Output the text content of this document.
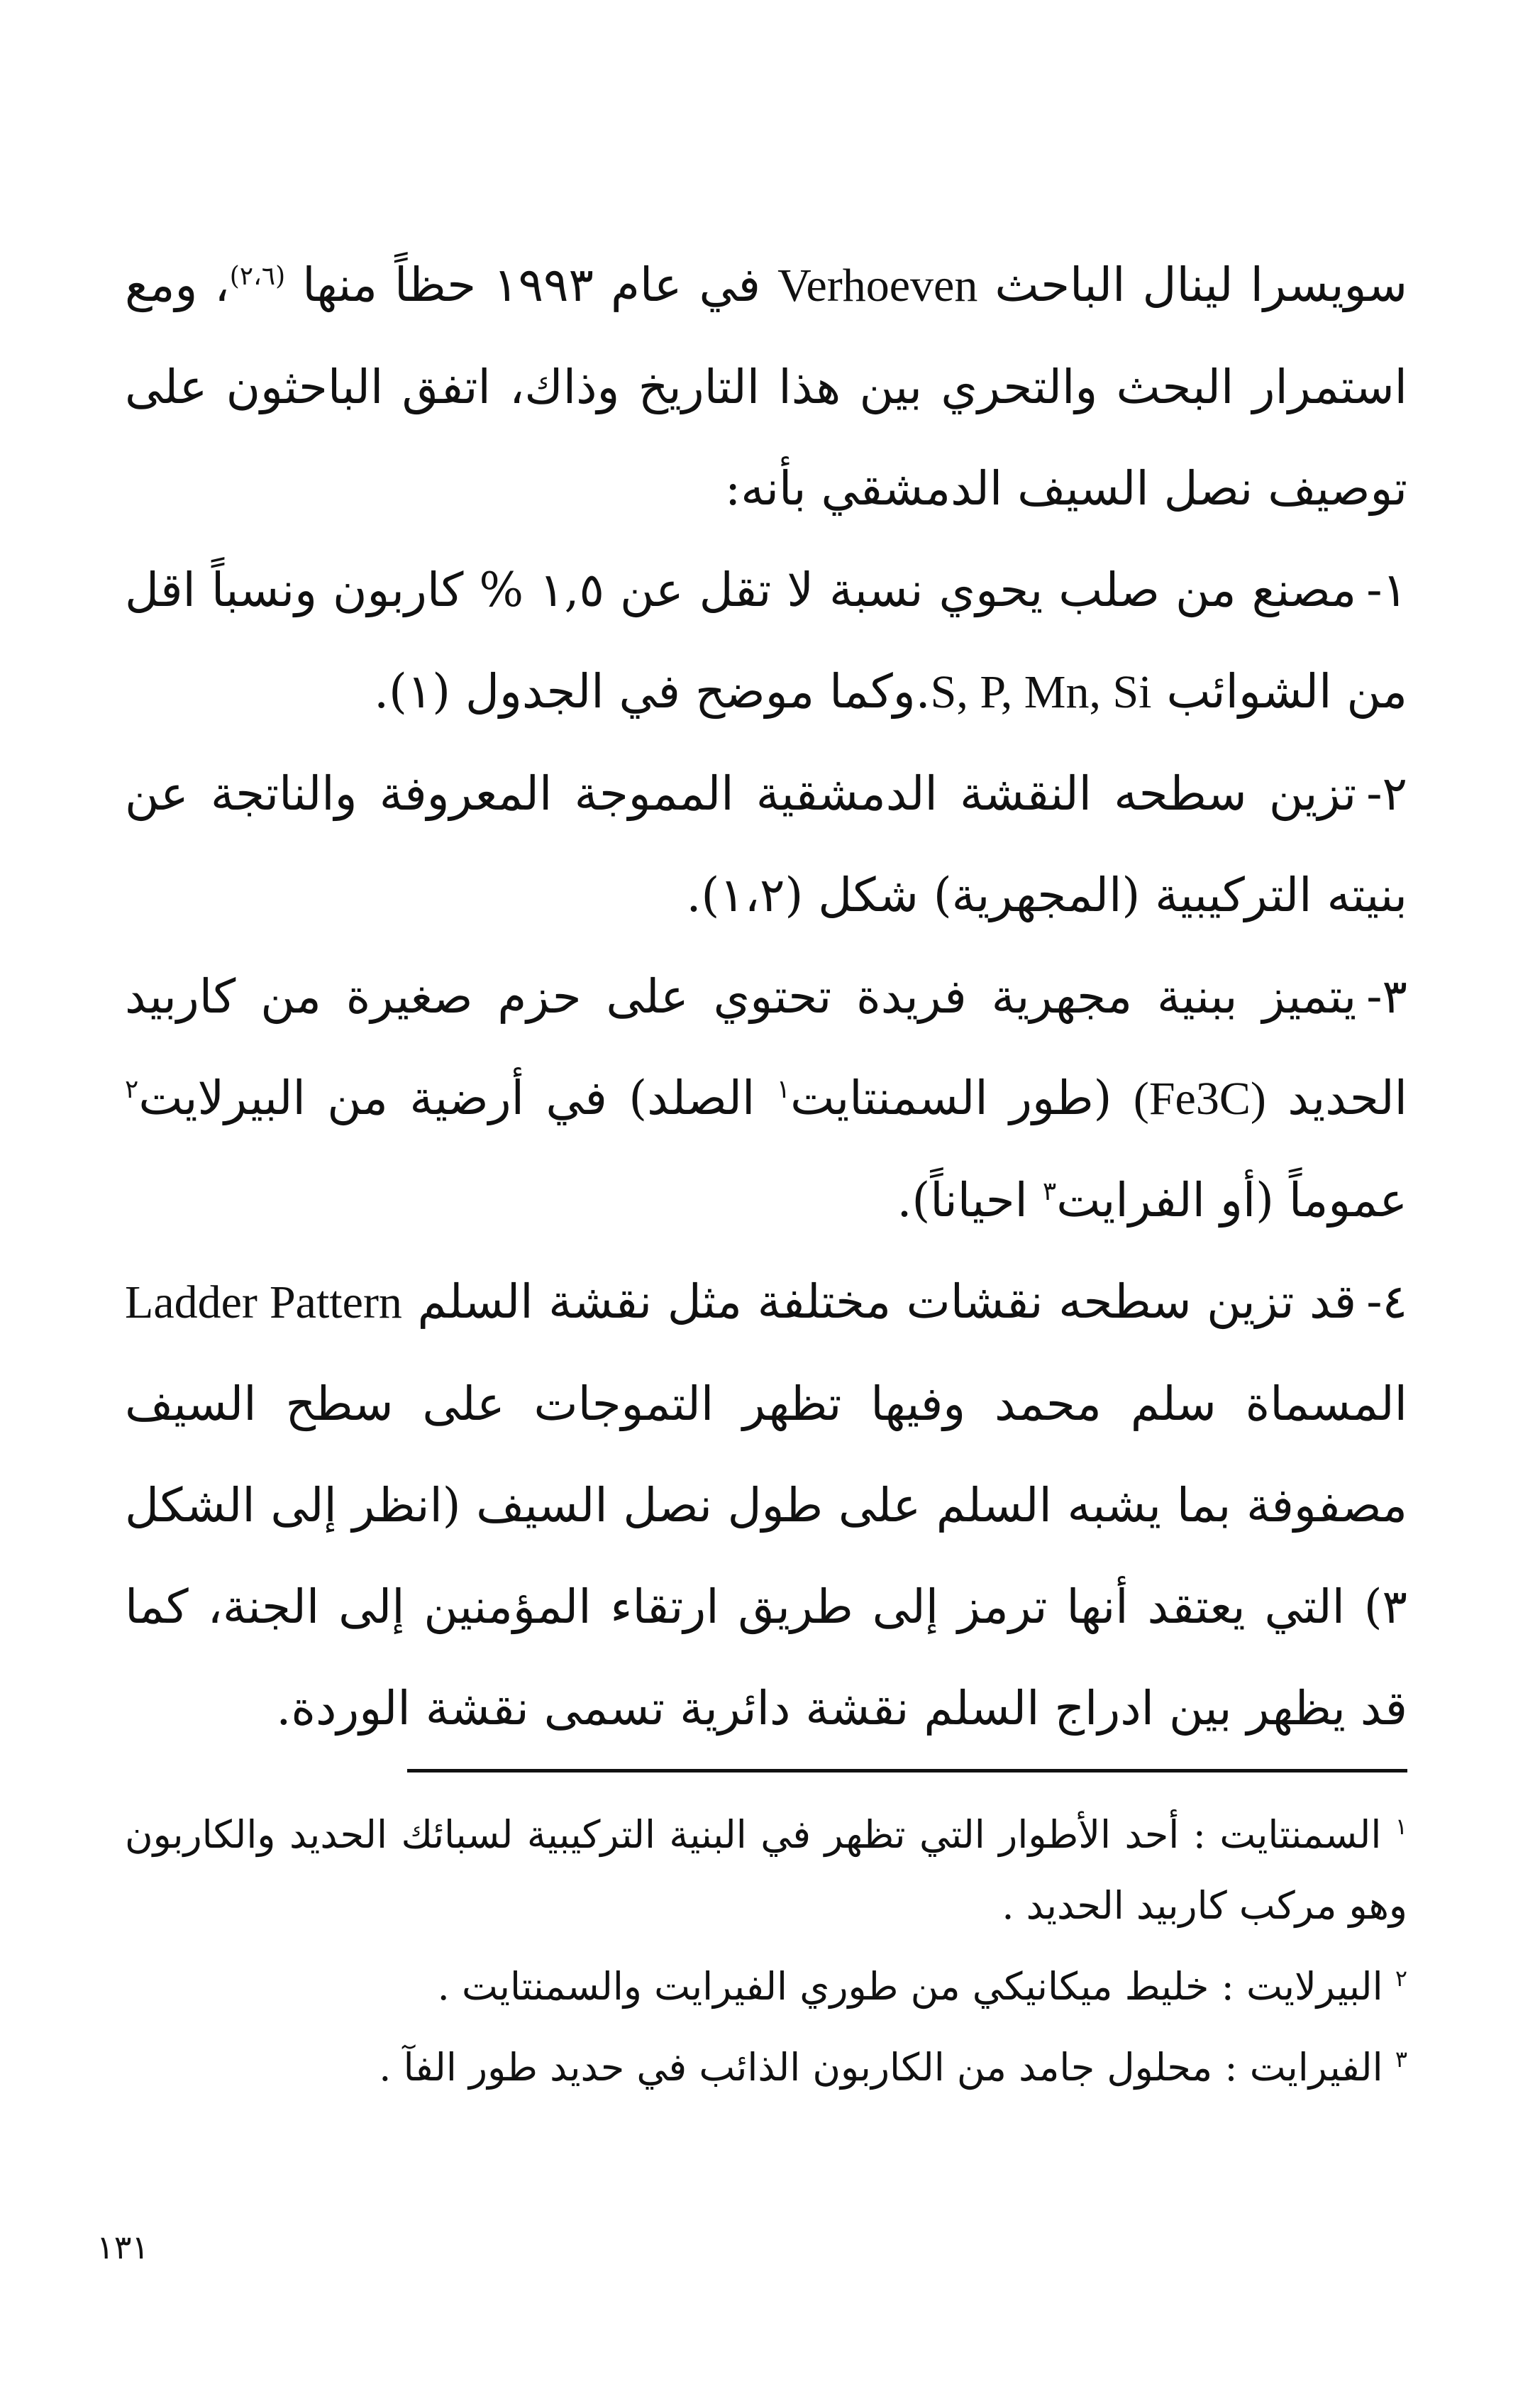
سويسرا لينال الباحث Verhoeven في عام ١٩٩٣ حظاً منها $^{(٢،٦)}$، ومع استمرار البحث والتحري بين هذا التاريخ وذاك، اتفق الباحثون على توصيف نصل السيف الدمشقي بأنه:

١-مصنع من صلب يحوي نسبة لا تقل عن ١,٥ % كاربون ونسباً اقل من الشوائب S, P, Mn, Si.وكما موضح في الجدول (١).

٢-تزين سطحه النقشة الدمشقية المموجة المعروفة والناتجة عن بنيته التركيبية (المجهرية) شكل (١،٢).

٣-يتميز ببنية مجهرية فريدة تحتوي على حزم صغيرة من كاربيد الحديد (Fe3C) (طور السمنتايت$^١$ الصلد) في أرضية من البيرلايت$^٢$ عموماً (أو الفرايت$^٣$ احياناً).

٤-قد تزين سطحه نقشات مختلفة مثل نقشة السلم Ladder Pattern المسماة سلم محمد وفيها تظهر التموجات على سطح السيف مصفوفة بما يشبه السلم على طول نصل السيف (انظر إلى الشكل ٣) التي يعتقد أنها ترمز إلى طريق ارتقاء المؤمنين إلى الجنة، كما قد يظهر بين ادراج السلم نقشة دائرية تسمى نقشة الوردة.

$^١$ السمنتايت : أحد الأطوار التي تظهر في البنية التركيبية لسبائك الحديد والكاربون وهو مركب كاربيد الحديد .

$^٢$ البيرلايت : خليط ميكانيكي من طوري الفيرايت والسمنتايت .

$^٣$ الفيرايت : محلول جامد من الكاربون الذائب في حديد طور الفآ .

١٣١
